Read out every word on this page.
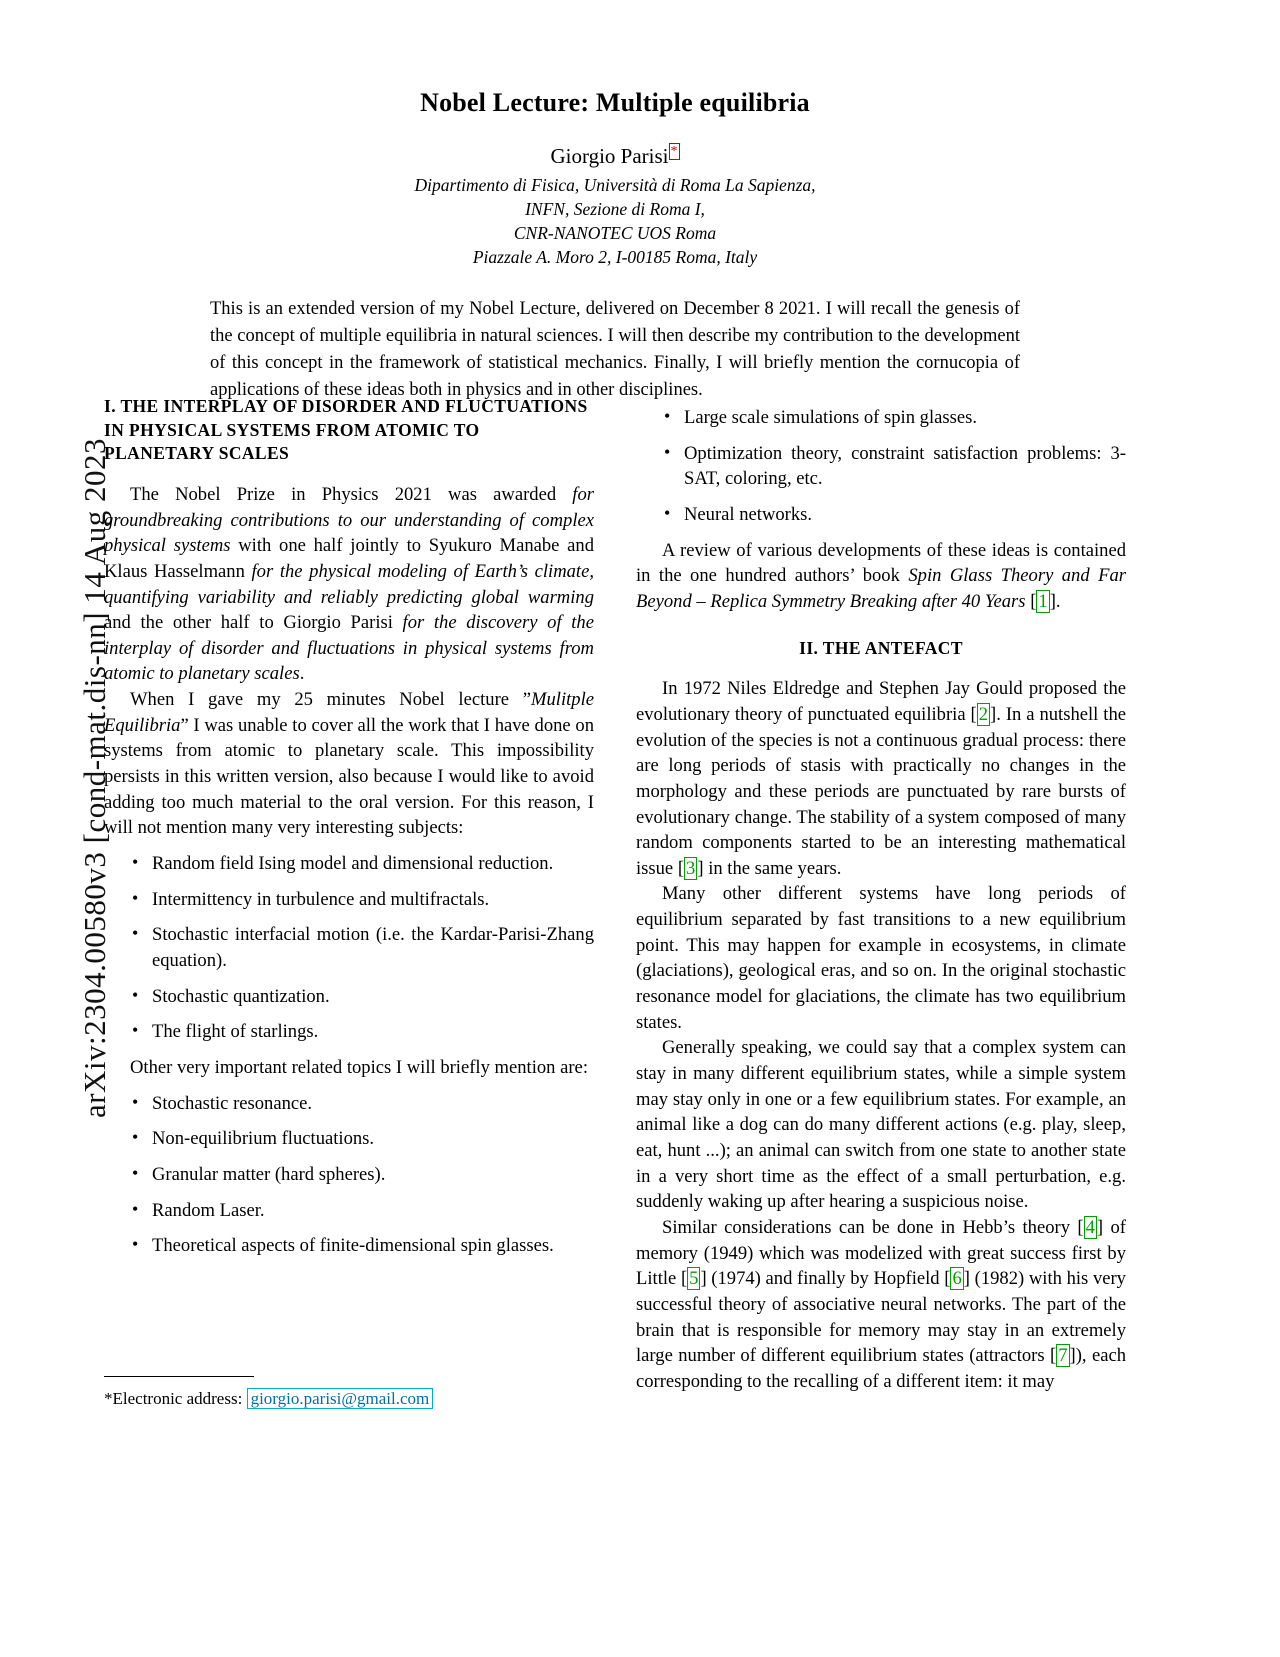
arXiv:2304.00580v3 [cond-mat.dis-nn] 14 Aug 2023
Nobel Lecture: Multiple equilibria
Giorgio Parisi *
Dipartimento di Fisica, Università di Roma La Sapienza,
INFN, Sezione di Roma I,
CNR-NANOTEC UOS Roma
Piazzale A. Moro 2, I-00185 Roma, Italy
This is an extended version of my Nobel Lecture, delivered on December 8 2021. I will recall the genesis of the concept of multiple equilibria in natural sciences. I will then describe my contribution to the development of this concept in the framework of statistical mechanics. Finally, I will briefly mention the cornucopia of applications of these ideas both in physics and in other disciplines.
I. THE INTERPLAY OF DISORDER AND FLUCTUATIONS IN PHYSICAL SYSTEMS FROM ATOMIC TO PLANETARY SCALES

The Nobel Prize in Physics 2021 was awarded for groundbreaking contributions to our understanding of complex physical systems with one half jointly to Syukuro Manabe and Klaus Hasselmann for the physical modeling of Earth’s climate, quantifying variability and reliably predicting global warming and the other half to Giorgio Parisi for the discovery of the interplay of disorder and fluctuations in physical systems from atomic to planetary scales.

When I gave my 25 minutes Nobel lecture ”Mulitple Equilibria” I was unable to cover all the work that I have done on systems from atomic to planetary scale. This impossibility persists in this written version, also because I would like to avoid adding too much material to the oral version. For this reason, I will not mention many very interesting subjects:

• Random field Ising model and dimensional reduction.
• Intermittency in turbulence and multifractals.
• Stochastic interfacial motion (i.e. the Kardar-Parisi-Zhang equation).
• Stochastic quantization.
• The flight of starlings.

Other very important related topics I will briefly mention are:

• Stochastic resonance.
• Non-equilibrium fluctuations.
• Granular matter (hard spheres).
• Random Laser.
• Theoretical aspects of finite-dimensional spin glasses.
• Large scale simulations of spin glasses.
• Optimization theory, constraint satisfaction problems: 3-SAT, coloring, etc.
• Neural networks.

A review of various developments of these ideas is contained in the one hundred authors’ book Spin Glass Theory and Far Beyond – Replica Symmetry Breaking after 40 Years [ 1 ].

II. THE ANTEFACT

In 1972 Niles Eldredge and Stephen Jay Gould proposed the evolutionary theory of punctuated equilibria [ 2 ]. In a nutshell the evolution of the species is not a continuous gradual process: there are long periods of stasis with practically no changes in the morphology and these periods are punctuated by rare bursts of evolutionary change. The stability of a system composed of many random components started to be an interesting mathematical issue [ 3 ] in the same years.

Many other different systems have long periods of equilibrium separated by fast transitions to a new equilibrium point. This may happen for example in ecosystems, in climate (glaciations), geological eras, and so on. In the original stochastic resonance model for glaciations, the climate has two equilibrium states.

Generally speaking, we could say that a complex system can stay in many different equilibrium states, while a simple system may stay only in one or a few equilibrium states. For example, an animal like a dog can do many different actions (e.g. play, sleep, eat, hunt ...); an animal can switch from one state to another state in a very short time as the effect of a small perturbation, e.g. suddenly waking up after hearing a suspicious noise.

Similar considerations can be done in Hebb’s theory [ 4 ] of memory (1949) which was modelized with great success first by Little [ 5 ] (1974) and finally by Hopfield [ 6 ] (1982) with his very successful theory of associative neural networks. The part of the brain that is responsible for memory may stay in an extremely large number of different equilibrium states (attractors [ 7 ]), each corresponding to the recalling of a different item: it may

*Electronic address: giorgio.parisi@gmail.com
